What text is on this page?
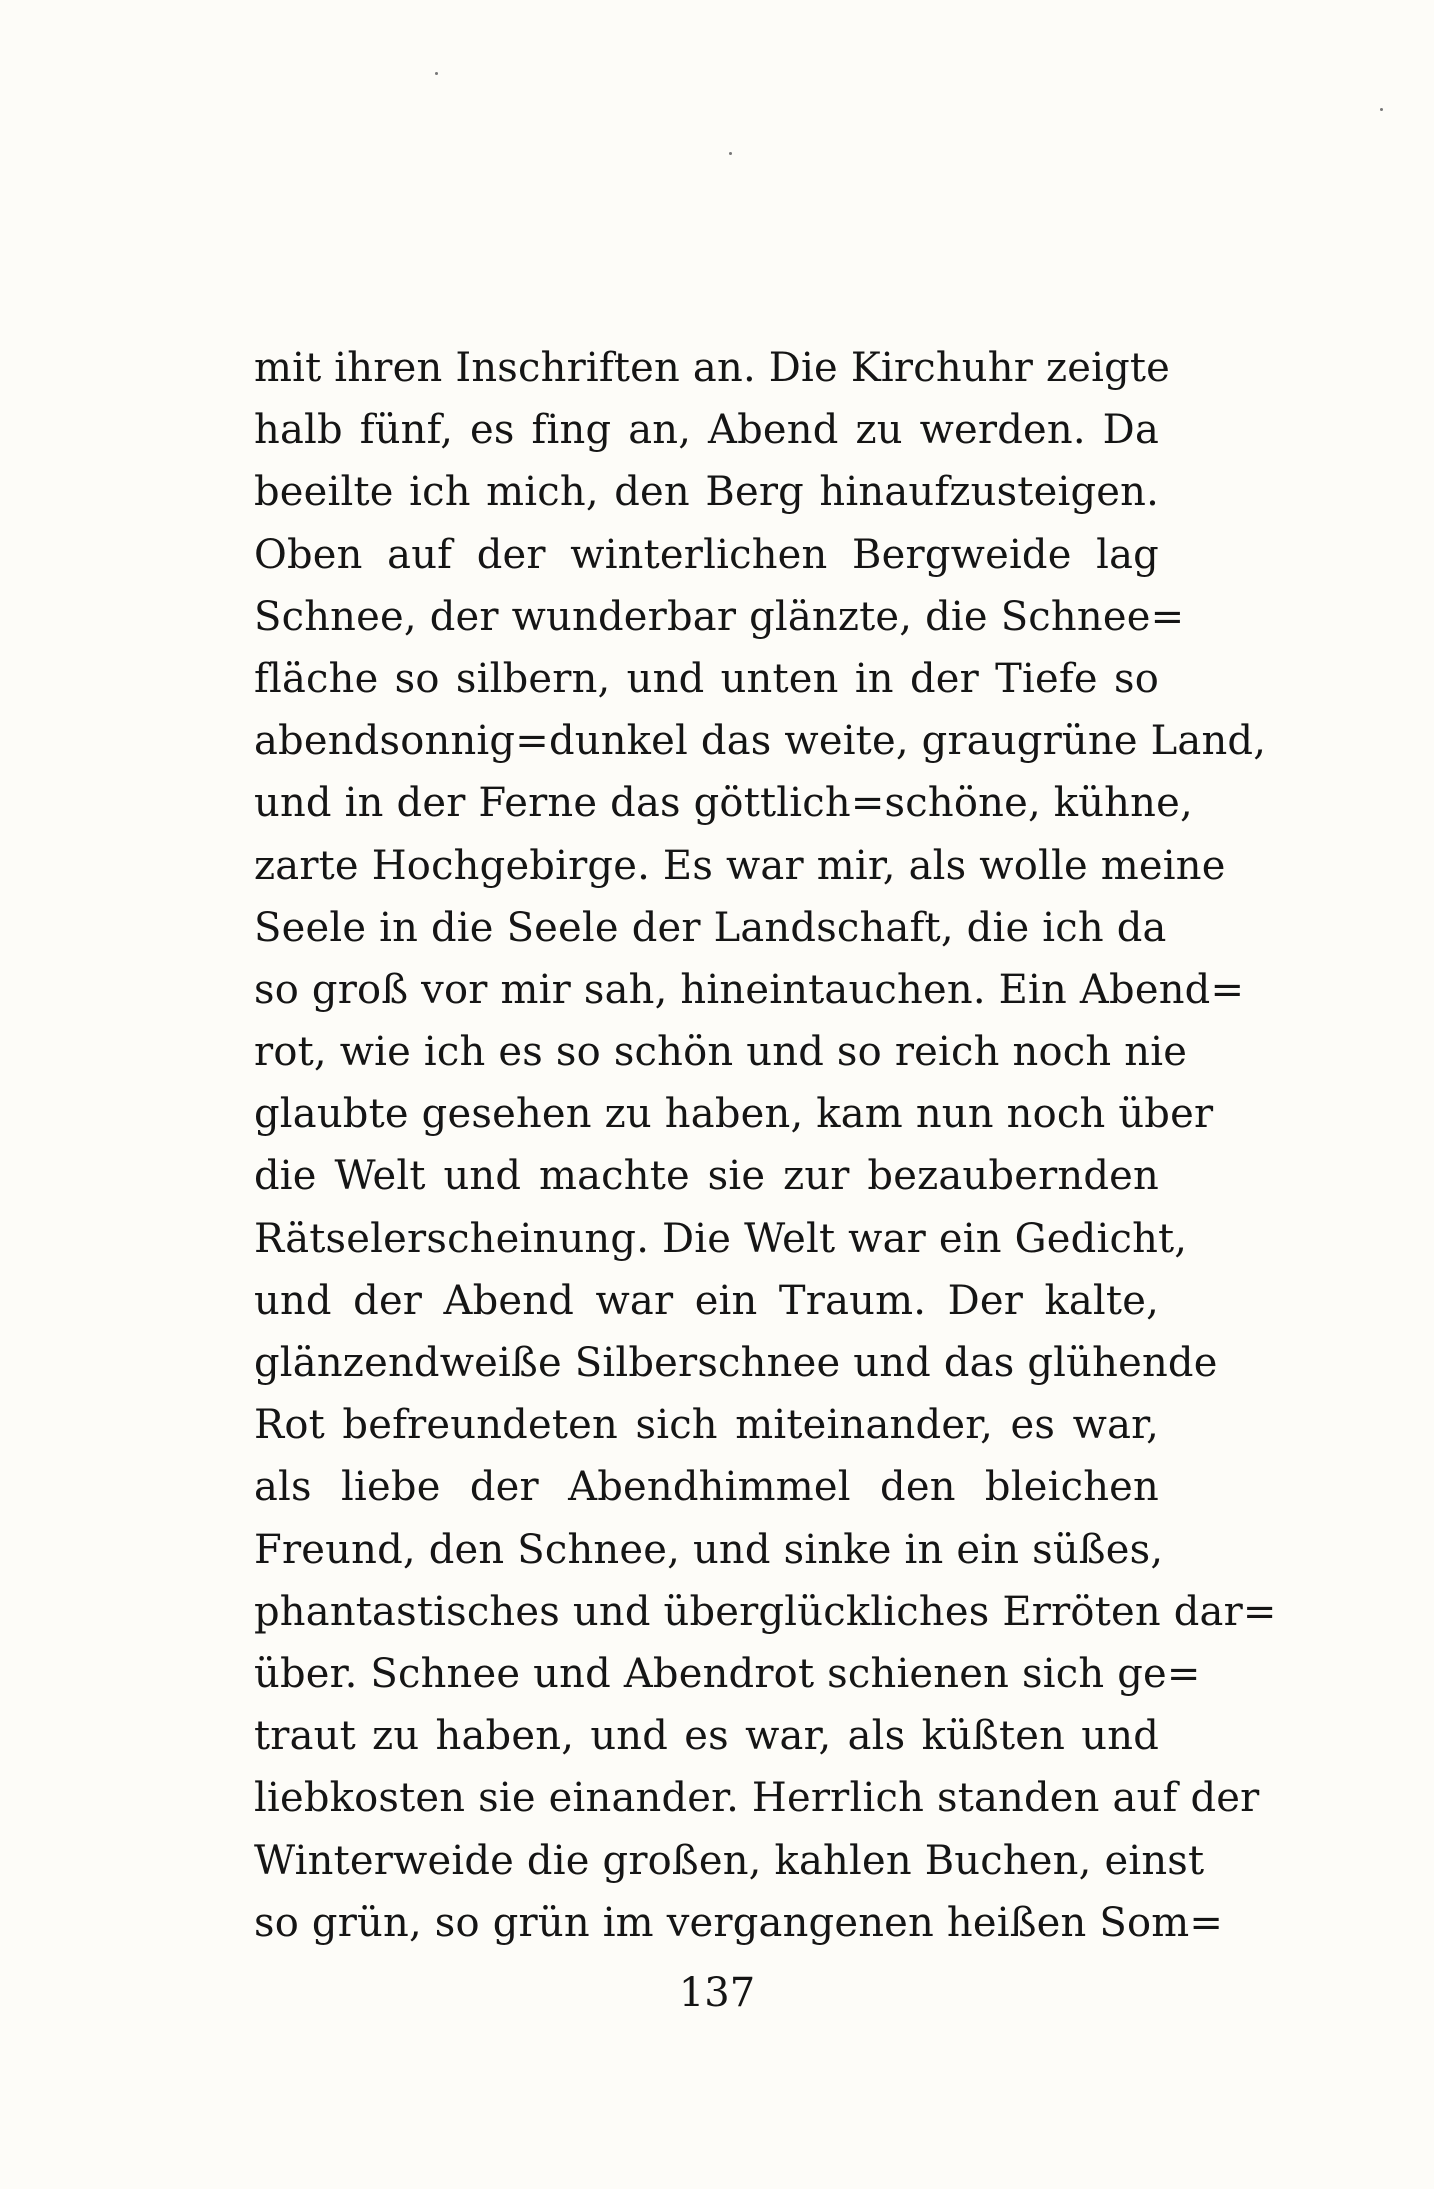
mit ihren Inschriften an. Die Kirchuhr zeigte
halb fünf, es fing an, Abend zu werden. Da
beeilte ich mich, den Berg hinaufzusteigen.
Oben auf der winterlichen Bergweide lag
Schnee, der wunderbar glänzte, die Schnee=
fläche so silbern, und unten in der Tiefe so
abendsonnig=dunkel das weite, graugrüne Land,
und in der Ferne das göttlich=schöne, kühne,
zarte Hochgebirge. Es war mir, als wolle meine
Seele in die Seele der Landschaft, die ich da
so groß vor mir sah, hineintauchen. Ein Abend=
rot, wie ich es so schön und so reich noch nie
glaubte gesehen zu haben, kam nun noch über
die Welt und machte sie zur bezaubernden
Rätselerscheinung. Die Welt war ein Gedicht,
und der Abend war ein Traum. Der kalte,
glänzendweiße Silberschnee und das glühende
Rot befreundeten sich miteinander, es war,
als liebe der Abendhimmel den bleichen
Freund, den Schnee, und sinke in ein süßes,
phantastisches und überglückliches Erröten dar=
über. Schnee und Abendrot schienen sich ge=
traut zu haben, und es war, als küßten und
liebkosten sie einander. Herrlich standen auf der
Winterweide die großen, kahlen Buchen, einst
so grün, so grün im vergangenen heißen Som=
137
